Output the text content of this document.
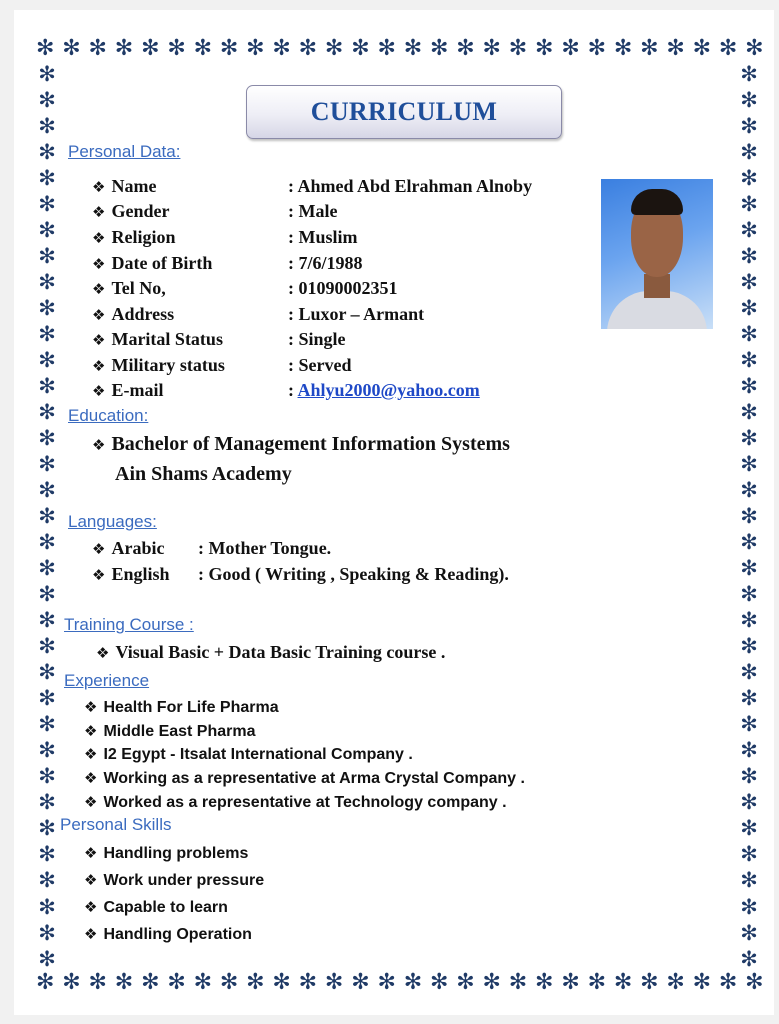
✻ ✻ ✻ ✻ ✻ ✻ ✻ ✻ ✻ ✻ ✻ ✻ ✻ ✻ ✻ ✻ ✻ ✻ ✻ ✻ ✻ ✻ ✻ ✻ ✻ ✻ ✻ ✻
✻ ✻ ✻ ✻ ✻ ✻ ✻ ✻ ✻ ✻ ✻ ✻ ✻ ✻ ✻ ✻ ✻ ✻ ✻ ✻ ✻ ✻ ✻ ✻ ✻ ✻ ✻ ✻
✻
✻
✻
✻
✻
✻
✻
✻
✻
✻
✻
✻
✻
✻
✻
✻
✻
✻
✻
✻
✻
✻
✻
✻
✻
✻
✻
✻
✻
✻
✻
✻
✻
✻
✻
✻
✻
✻
✻
✻
✻
✻
✻
✻
✻
✻
✻
✻
✻
✻
✻
✻
✻
✻
✻
✻
✻
✻
✻
✻
✻
✻
✻
✻
✻
✻
✻
✻
✻
✻
CURRICULUM
Personal Data:
❖ Name	: Ahmed Abd Elrahman Alnoby
❖ Gender	: Male
❖ Religion	: Muslim
❖ Date of Birth	: 7/6/1988
❖ Tel No,	: 01090002351
❖ Address	: Luxor – Armant
❖ Marital Status	: Single
❖ Military status	: Served
❖ E-mail	: Ahlyu2000@yahoo.com
Education:
❖ Bachelor of Management Information Systems
Ain Shams Academy
Languages:
❖ Arabic : Mother Tongue.
❖ English : Good ( Writing , Speaking & Reading).
Training Course :
❖ Visual Basic + Data Basic Training course .
Experience
❖ Health For Life Pharma
❖ Middle East Pharma
❖ I2 Egypt - Itsalat International Company .
❖ Working as a representative at Arma Crystal Company .
❖ Worked as a representative at Technology company .
Personal Skills
❖ Handling problems
❖ Work under pressure
❖ Capable to learn
❖ Handling Operation
